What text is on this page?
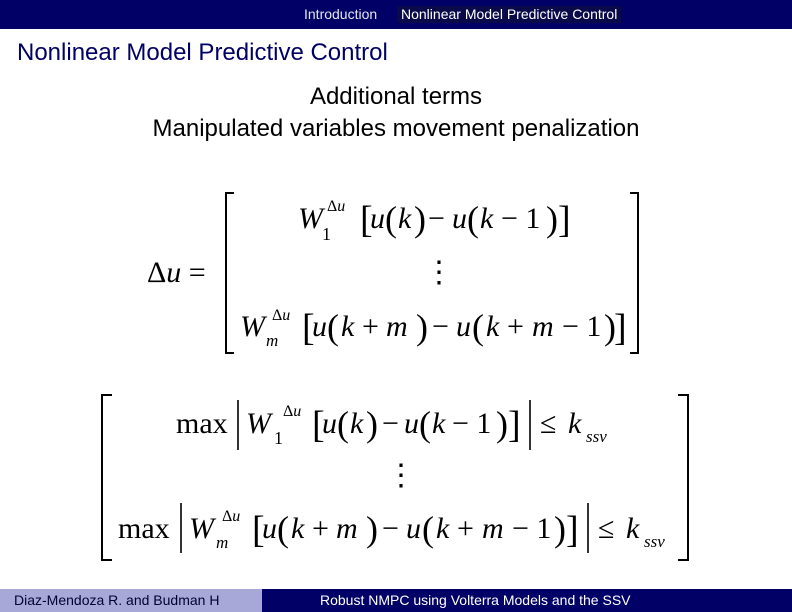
Introduction Nonlinear Model Predictive Control
Nonlinear Model Predictive Control
Additional terms
Manipulated variables movement penalization
Δu =
W Δu
1 [
u ( k ) − u ( k − 1 ) ]
⋮
W Δu
m [
u ( k + m ) − u ( k + m − 1 )
]
max W Δu
1 [
u ( k ) − u ( k − 1 ) ] ≤ k ssv
⋮
max W Δu
m [
u ( k + m ) − u ( k + m − 1 ) ] ≤ k ssv
Diaz-Mendoza R. and Budman H	Robust NMPC using Volterra Models and the SSV
